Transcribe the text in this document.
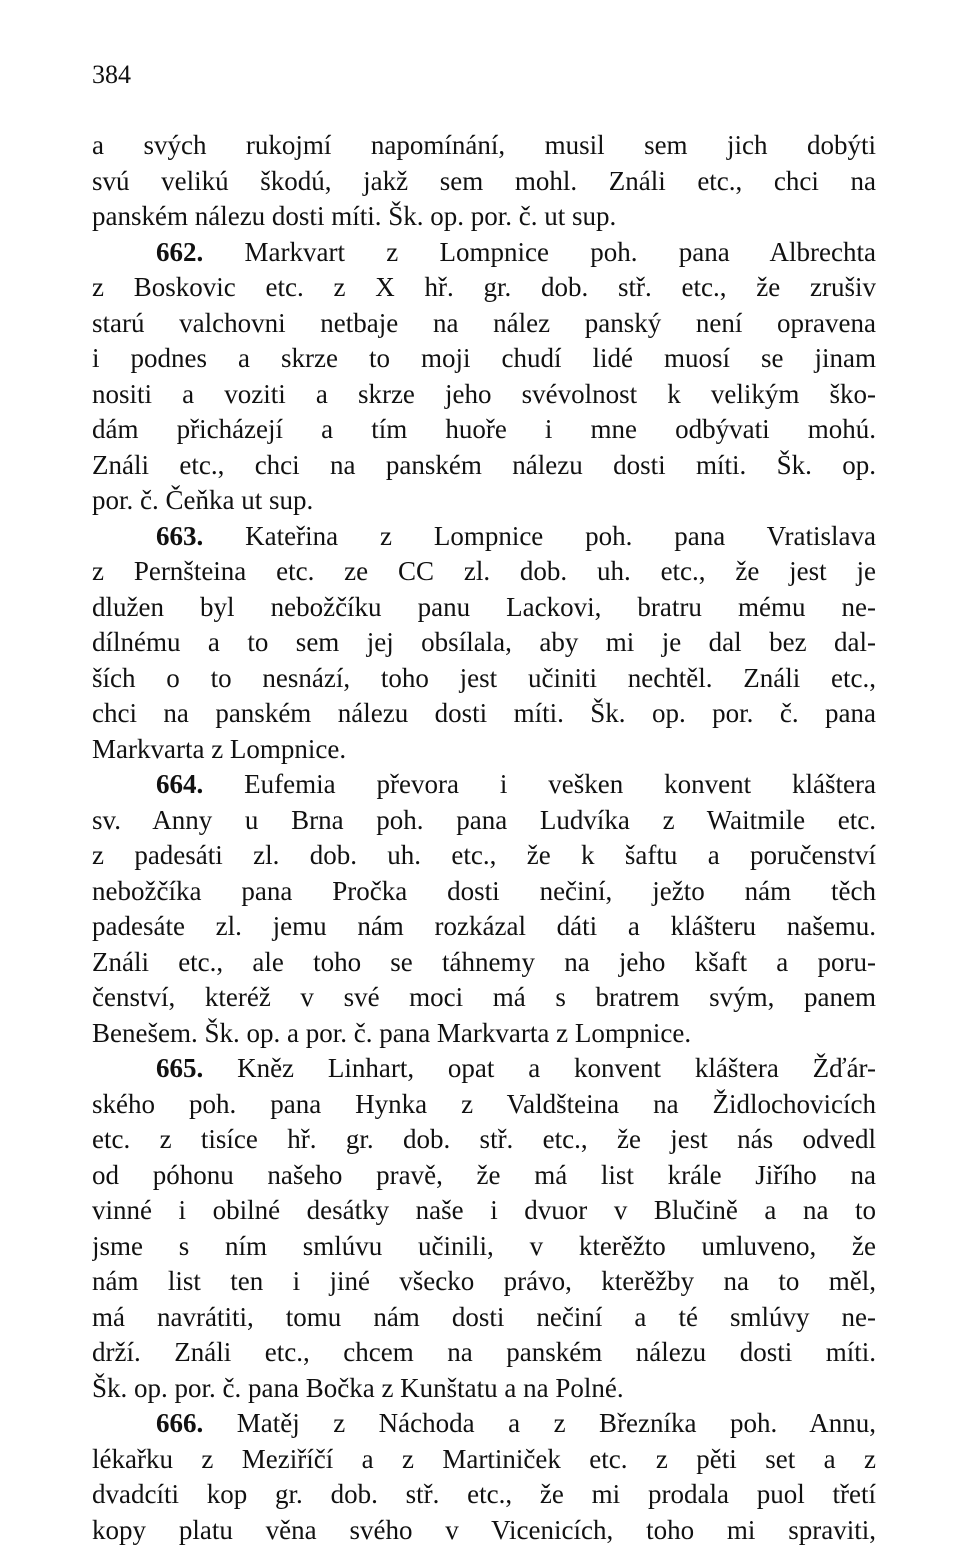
384
a svých rukojmí napomínání, musil sem jich dobýti
svú velikú škodú, jakž sem mohl. Ználi etc., chci na
panském nálezu dosti míti. Šk. op. por. č. ut sup.
662. Markvart z Lompnice poh. pana Albrechta
z Boskovic etc. z X hř. gr. dob. stř. etc., že zrušiv
starú valchovni netbaje na nález panský není opravena
i podnes a skrze to moji chudí lidé muosí se jinam
nositi a voziti a skrze jeho svévolnost k velikým ško-
dám přicházejí a tím huoře i mne odbývati mohú.
Ználi etc., chci na panském nálezu dosti míti. Šk. op.
por. č. Čeňka ut sup.
663. Kateřina z Lompnice poh. pana Vratislava
z Pernšteina etc. ze CC zl. dob. uh. etc., že jest je
dlužen byl nebožčíku panu Lackovi, bratru mému ne-
dílnému a to sem jej obsílala, aby mi je dal bez dal-
ších o to nesnází, toho jest učiniti nechtěl. Ználi etc.,
chci na panském nálezu dosti míti. Šk. op. por. č. pana
Markvarta z Lompnice.
664. Eufemia převora i vešken konvent kláštera
sv. Anny u Brna poh. pana Ludvíka z Waitmile etc.
z padesáti zl. dob. uh. etc., že k šaftu a poručenství
nebožčíka pana Pročka dosti nečiní, ježto nám těch
padesáte zl. jemu nám rozkázal dáti a klášteru našemu.
Ználi etc., ale toho se táhnemy na jeho kšaft a poru-
čenství, kteréž v své moci má s bratrem svým, panem
Benešem. Šk. op. a por. č. pana Markvarta z Lompnice.
665. Kněz Linhart, opat a konvent kláštera Žďár-
ského poh. pana Hynka z Valdšteina na Židlochovicích
etc. z tisíce hř. gr. dob. stř. etc., že jest nás odvedl
od póhonu našeho pravě, že má list krále Jiřího na
vinné i obilné desátky naše i dvuor v Blučině a na to
jsme s ním smlúvu učinili, v kterěžto umluveno, že
nám list ten i jiné všecko právo, kterěžby na to měl,
má navrátiti, tomu nám dosti nečiní a té smlúvy ne-
drží. Ználi etc., chcem na panském nálezu dosti míti.
Šk. op. por. č. pana Bočka z Kunštatu a na Polné.
666. Matěj z Náchoda a z Březníka poh. Annu,
lékařku z Meziříčí a z Martiniček etc. z pěti set a z
dvadcíti kop gr. dob. stř. etc., že mi prodala puol třetí
kopy platu věna svého v Vicenicích, toho mi spraviti,
